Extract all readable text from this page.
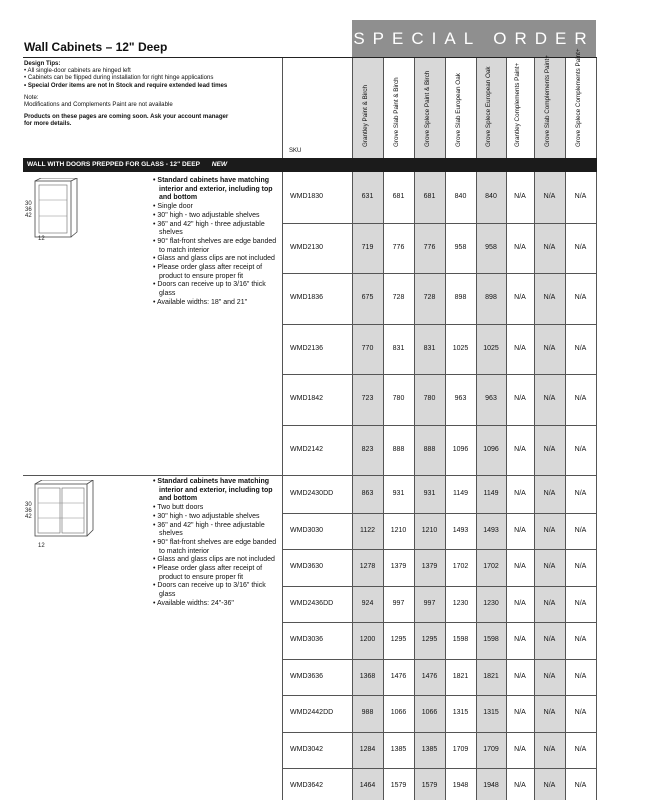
SPECIAL ORDER
Wall Cabinets – 12" Deep
Design Tips:
• All single-door cabinets are hinged left
• Cabinets can be flipped during installation for right hinge applications
• Special Order items are not In Stock and require extended lead times
Note:
Modifications and Complements Paint are not available
Products on these pages are coming soon. Ask your account manager
for more details.
SKU
Grantley Paint & Birch	Grove Slab Paint & Birch	Grove Splece Paint & Birch	Grove Slab European Oak	Grove Splece European Oak	Grantley Complements Paint+	Grove Slab Complements Paint+	Grove Splece Complements Paint+
WALL WITH DOORS PREPPED FOR GLASS - 12" DEEP NEW
30
36
42
12
• Standard cabinets have matching interior and exterior, including top and bottom
• Single door
• 30" high - two adjustable shelves
• 36" and 42" high - three adjustable shelves
• 90° flat-front shelves are edge banded to match interior
• Glass and glass clips are not included
• Please order glass after receipt of product to ensure proper fit
• Doors can receive up to 3/16" thick glass
• Available widths: 18" and 21"
30
36
42
12
• Standard cabinets have matching interior and exterior, including top and bottom
• Two butt doors
• 30" high - two adjustable shelves
• 36" and 42" high - three adjustable shelves
• 90° flat-front shelves are edge banded to match interior
• Glass and glass clips are not included
• Please order glass after receipt of product to ensure proper fit
• Doors can receive up to 3/16" thick glass
• Available widths: 24"-36"
WMD1830	631	681	681	840	840	N/A	N/A	N/A
WMD2130	719	776	776	958	958	N/A	N/A	N/A
WMD1836	675	728	728	898	898	N/A	N/A	N/A
WMD2136	770	831	831	1025	1025	N/A	N/A	N/A
WMD1842	723	780	780	963	963	N/A	N/A	N/A
WMD2142	823	888	888	1096	1096	N/A	N/A	N/A
WMD2430DD	863	931	931	1149	1149	N/A	N/A	N/A
WMD3030	1122	1210	1210	1493	1493	N/A	N/A	N/A
WMD3630	1278	1379	1379	1702	1702	N/A	N/A	N/A
WMD2436DD	924	997	997	1230	1230	N/A	N/A	N/A
WMD3036	1200	1295	1295	1598	1598	N/A	N/A	N/A
WMD3636	1368	1476	1476	1821	1821	N/A	N/A	N/A
WMD2442DD	988	1066	1066	1315	1315	N/A	N/A	N/A
WMD3042	1284	1385	1385	1709	1709	N/A	N/A	N/A
WMD3642	1464	1579	1579	1948	1948	N/A	N/A	N/A
